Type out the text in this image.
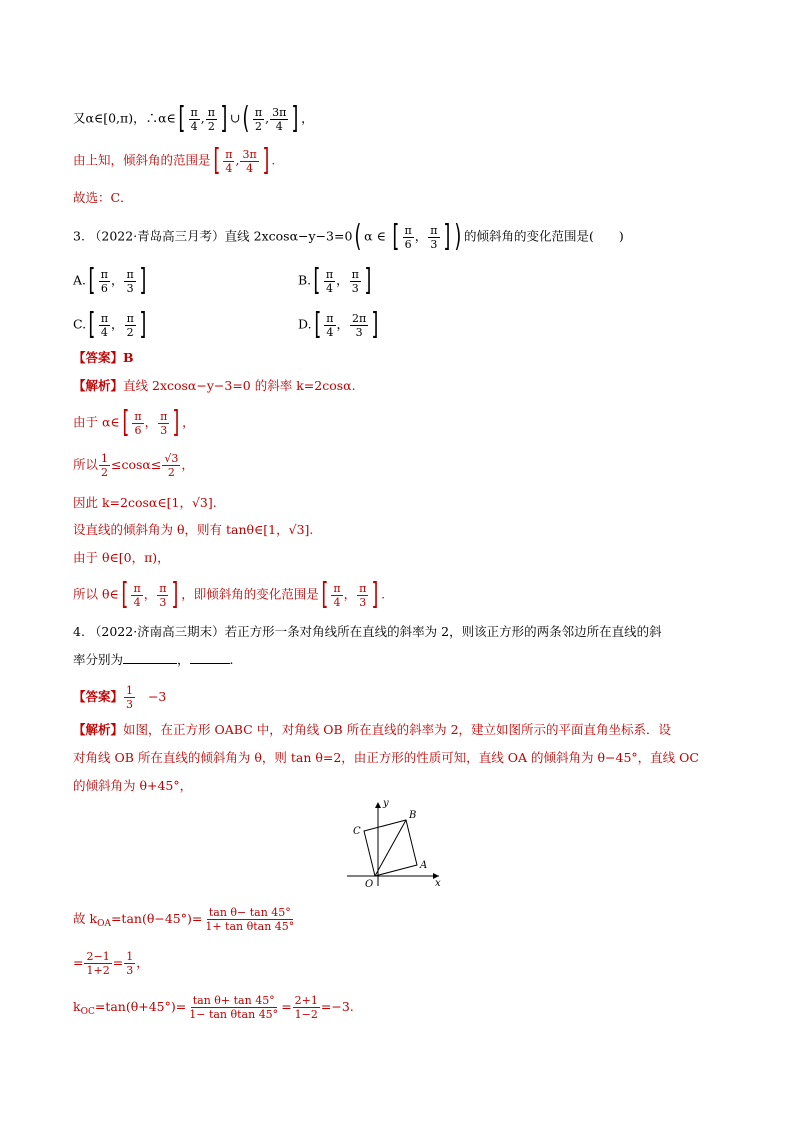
又α∈[0,π)，∴α∈[ $\frac{\pi}{4}$ , $\frac{\pi}{2}$ ] ∪( $\frac{\pi}{2}$ , $\frac{3\pi}{4}$ ] ，
由上知，倾斜角的范围是[ $\frac{\pi}{4}$ , $\frac{3\pi}{4}$ ] .
故选：C．
3. （2022·青岛高三月考）直线 2xcosα−y−3=0( α ∈ [ $\frac{\pi}{6}$ ， $\frac{\pi}{3}$ ] ) 的倾斜角的变化范围是(　　)
$A.[ \frac{\pi}{6}$ ， $\frac{\pi}{3}$ ]	$B.[ \frac{\pi}{4}$ ， $\frac{\pi}{3}$ ]
$C.[ \frac{\pi}{4}$ ， $\frac{\pi}{2}$ ]	$D.[ \frac{\pi}{4}$ ， $\frac{2\pi}{3}$ ]
【答案】B
【解析】直线 2xcosα−y−3=0 的斜率 k=2cosα.
由于 α∈[ $\frac{\pi}{6}$ ， $\frac{\pi}{3}$ ] ，
所以 $\frac{1}{2} \le\cos\alpha\le \frac{√3}{2}$ ，
因此 k=2cosα∈[1，√3].
设直线的倾斜角为 θ，则有 tanθ∈[1，√3].
由于 θ∈[0，π)，
所以 θ∈[ $\frac{\pi}{4}$ ， $\frac{\pi}{3}$ ] ，即倾斜角的变化范围是[ $\frac{\pi}{4}$ ， $\frac{\pi}{3}$ ] .
4. （2022·济南高三期末）若正方形一条对角线所在直线的斜率为 2，则该正方形的两条邻边所在直线的斜
率分别为	，	.
【答案】 $\frac{1}{3} -3$
【解析】如图，在正方形 OABC 中，对角线 OB 所在直线的斜率为 2，建立如图所示的平面直角坐标系．设
对角线 OB 所在直线的倾斜角为 θ，则 tan θ=2，由正方形的性质可知，直线 OA 的倾斜角为 θ−45°，直线 OC
的倾斜角为 θ+45°，
y
x
O
A
B
C
故 $k_{OA}=\tan(\theta-45^\circ)= \frac{\text{tan θ− tan 45°}}{\text{1+ tan θtan 45°}}$
= $\frac{2-1}{1+2} = \frac{1}{3}$ ，
$k_{OC}=\tan(\theta+45^\circ)= \frac{\text{tan θ+ tan 45°}}{\text{1− tan θtan 45°}} = \frac{2+1}{1-2} =-3$.
